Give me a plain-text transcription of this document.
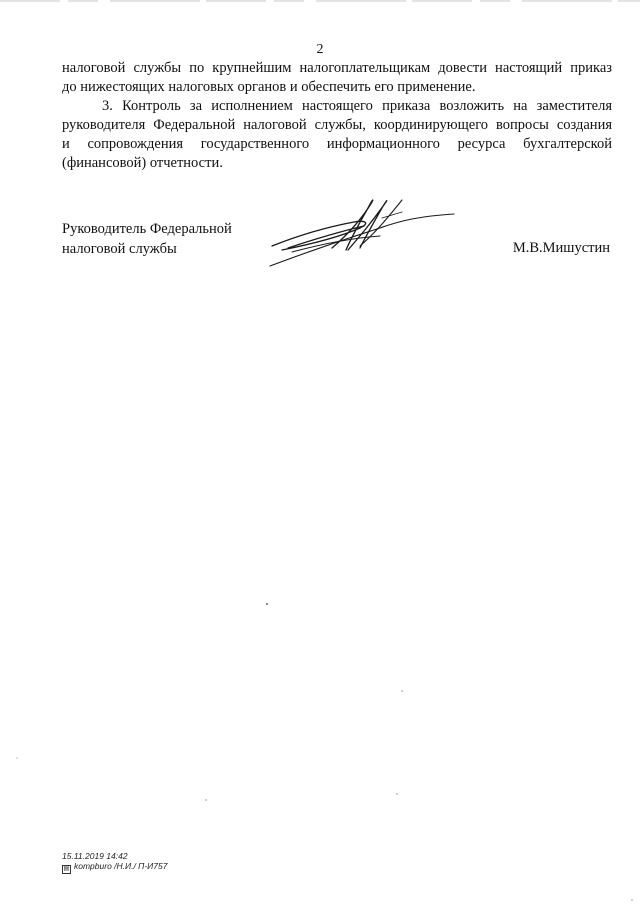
2
налоговой службы по крупнейшим налогоплательщикам довести настоящий приказ
до нижестоящих налоговых органов и обеспечить его применение.
3. Контроль за исполнением настоящего приказа возложить на заместителя
руководителя Федеральной налоговой службы, координирующего вопросы создания
и сопровождения государственного информационного ресурса бухгалтерской
(финансовой) отчетности.
Руководитель Федеральной
налоговой службы	М.В.Мишустин
15.11.2019 14:42
▤ kompburo /Н.И./ П-И757
